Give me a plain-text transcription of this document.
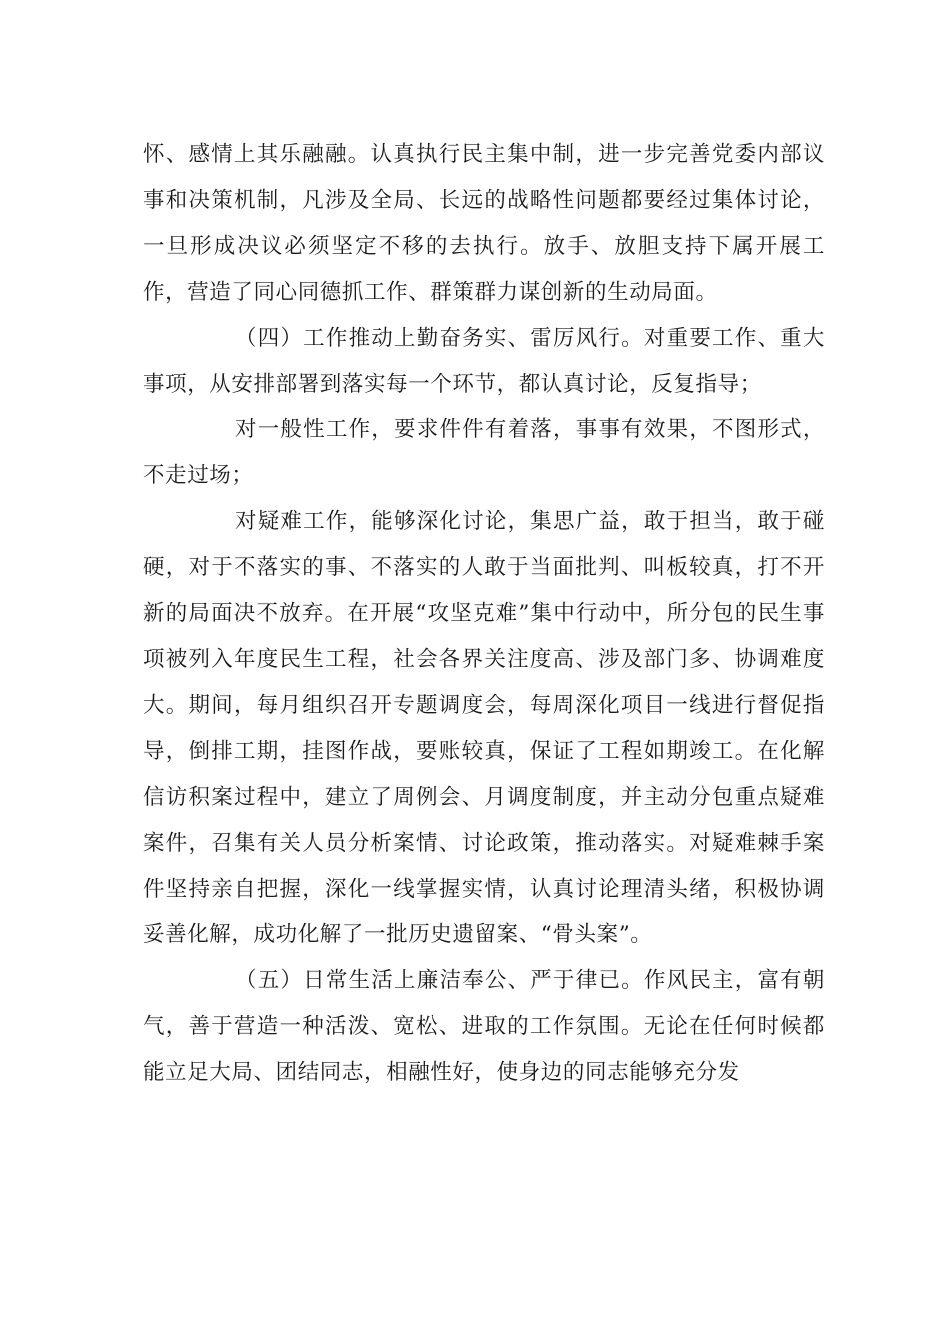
怀、感情上其乐融融。认真执行民主集中制，进一步完善党委内部议事和决策机制，凡涉及全局、长远的战略性问题都要经过集体讨论，一旦形成决议必须坚定不移的去执行。放手、放胆支持下属开展工作，营造了同心同德抓工作、群策群力谋创新的生动局面。

（四）工作推动上勤奋务实、雷厉风行。对重要工作、重大事项，从安排部署到落实每一个环节，都认真讨论，反复指导；

对一般性工作，要求件件有着落，事事有效果，不图形式，不走过场；

对疑难工作，能够深化讨论，集思广益，敢于担当，敢于碰硬，对于不落实的事、不落实的人敢于当面批判、叫板较真，打不开新的局面决不放弃。在开展“攻坚克难”集中行动中，所分包的民生事项被列入年度民生工程，社会各界关注度高、涉及部门多、协调难度大。期间，每月组织召开专题调度会，每周深化项目一线进行督促指导，倒排工期，挂图作战，要账较真，保证了工程如期竣工。在化解信访积案过程中，建立了周例会、月调度制度，并主动分包重点疑难案件，召集有关人员分析案情、讨论政策，推动落实。对疑难棘手案件坚持亲自把握，深化一线掌握实情，认真讨论理清头绪，积极协调妥善化解，成功化解了一批历史遗留案、“骨头案”。

（五）日常生活上廉洁奉公、严于律已。作风民主，富有朝气，善于营造一种活泼、宽松、进取的工作氛围。无论在任何时候都能立足大局、团结同志，相融性好，使身边的同志能够充分发
